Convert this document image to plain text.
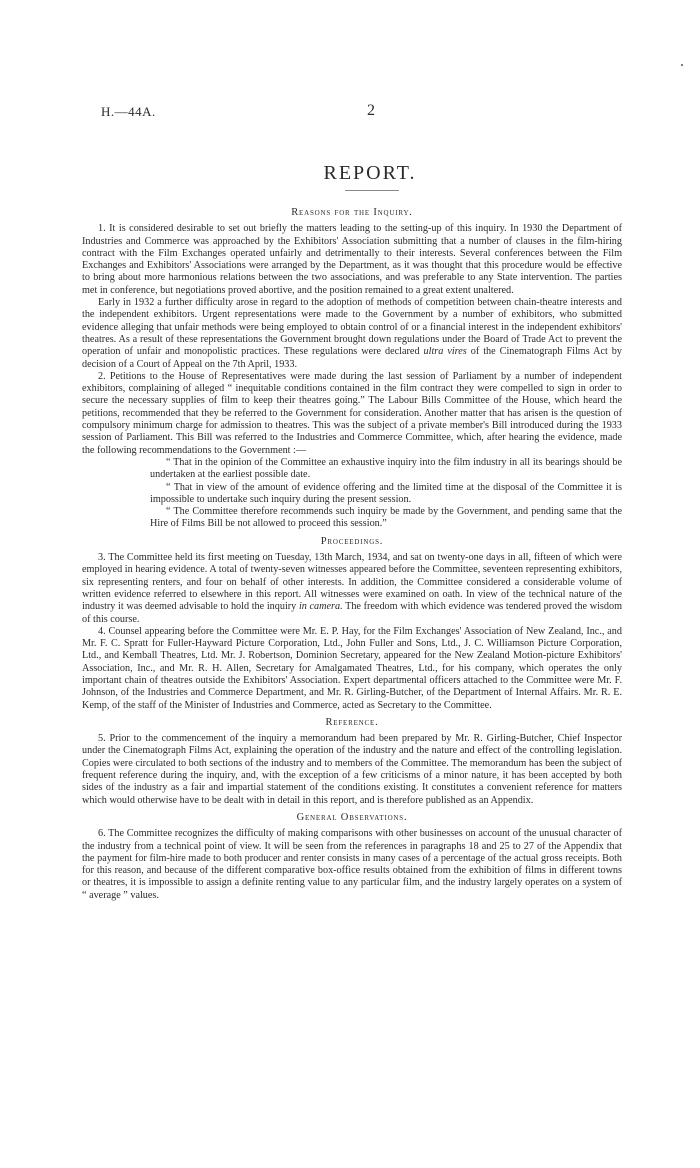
H.—44A.	2
REPORT.
Reasons for the Inquiry.

1. It is considered desirable to set out briefly the matters leading to the setting-up of this inquiry. In 1930 the Department of Industries and Commerce was approached by the Exhibitors' Association submitting that a number of clauses in the film-hiring contract with the Film Exchanges operated unfairly and detrimentally to their interests. Several conferences between the Film Exchanges and Exhibitors' Associations were arranged by the Department, as it was thought that this procedure would be effective to bring about more harmonious relations between the two associations, and was preferable to any State intervention. The parties met in conference, but negotiations proved abortive, and the position remained to a great extent unaltered.

Early in 1932 a further difficulty arose in regard to the adoption of methods of competition between chain-theatre interests and the independent exhibitors. Urgent representations were made to the Government by a number of exhibitors, who submitted evidence alleging that unfair methods were being employed to obtain control of or a financial interest in the independent exhibitors' theatres. As a result of these representations the Government brought down regulations under the Board of Trade Act to prevent the operation of unfair and monopolistic practices. These regulations were declared ultra vires of the Cinematograph Films Act by decision of a Court of Appeal on the 7th April, 1933.

2. Petitions to the House of Representatives were made during the last session of Parliament by a number of independent exhibitors, complaining of alleged “ inequitable conditions contained in the film contract they were compelled to sign in order to secure the necessary supplies of film to keep their theatres going.” The Labour Bills Committee of the House, which heard the petitions, recommended that they be referred to the Government for consideration. Another matter that has arisen is the question of compulsory minimum charge for admission to theatres. This was the subject of a private member's Bill introduced during the 1933 session of Parliament. This Bill was referred to the Industries and Commerce Committee, which, after hearing the evidence, made the following recommendations to the Government :—

“ That in the opinion of the Committee an exhaustive inquiry into the film industry in all its bearings should be undertaken at the earliest possible date.

“ That in view of the amount of evidence offering and the limited time at the disposal of the Committee it is impossible to undertake such inquiry during the present session.

“ The Committee therefore recommends such inquiry be made by the Government, and pending same that the Hire of Films Bill be not allowed to proceed this session.”

Proceedings.

3. The Committee held its first meeting on Tuesday, 13th March, 1934, and sat on twenty-one days in all, fifteen of which were employed in hearing evidence. A total of twenty-seven witnesses appeared before the Committee, seventeen representing exhibitors, six representing renters, and four on behalf of other interests. In addition, the Committee considered a considerable volume of written evidence referred to elsewhere in this report. All witnesses were examined on oath. In view of the technical nature of the industry it was deemed advisable to hold the inquiry in camera. The freedom with which evidence was tendered proved the wisdom of this course.

4. Counsel appearing before the Committee were Mr. E. P. Hay, for the Film Exchanges' Association of New Zealand, Inc., and Mr. F. C. Spratt for Fuller-Hayward Picture Corporation, Ltd., John Fuller and Sons, Ltd., J. C. Williamson Picture Corporation, Ltd., and Kemball Theatres, Ltd. Mr. J. Robertson, Dominion Secretary, appeared for the New Zealand Motion-picture Exhibitors' Association, Inc., and Mr. R. H. Allen, Secretary for Amalgamated Theatres, Ltd., for his company, which operates the only important chain of theatres outside the Exhibitors' Association. Expert departmental officers attached to the Committee were Mr. F. Johnson, of the Industries and Commerce Department, and Mr. R. Girling-Butcher, of the Department of Internal Affairs. Mr. R. E. Kemp, of the staff of the Minister of Industries and Commerce, acted as Secretary to the Committee.

Reference.

5. Prior to the commencement of the inquiry a memorandum had been prepared by Mr. R. Girling-Butcher, Chief Inspector under the Cinematograph Films Act, explaining the operation of the industry and the nature and effect of the controlling legislation. Copies were circulated to both sections of the industry and to members of the Committee. The memorandum has been the subject of frequent reference during the inquiry, and, with the exception of a few criticisms of a minor nature, it has been accepted by both sides of the industry as a fair and impartial statement of the conditions existing. It constitutes a convenient reference for matters which would otherwise have to be dealt with in detail in this report, and is therefore published as an Appendix.

General Observations.

6. The Committee recognizes the difficulty of making comparisons with other businesses on account of the unusual character of the industry from a technical point of view. It will be seen from the references in paragraphs 18 and 25 to 27 of the Appendix that the payment for film-hire made to both producer and renter consists in many cases of a percentage of the actual gross receipts. Both for this reason, and because of the different comparative box-office results obtained from the exhibition of films in different towns or theatres, it is impossible to assign a definite renting value to any particular film, and the industry largely operates on a system of “ average ” values.
